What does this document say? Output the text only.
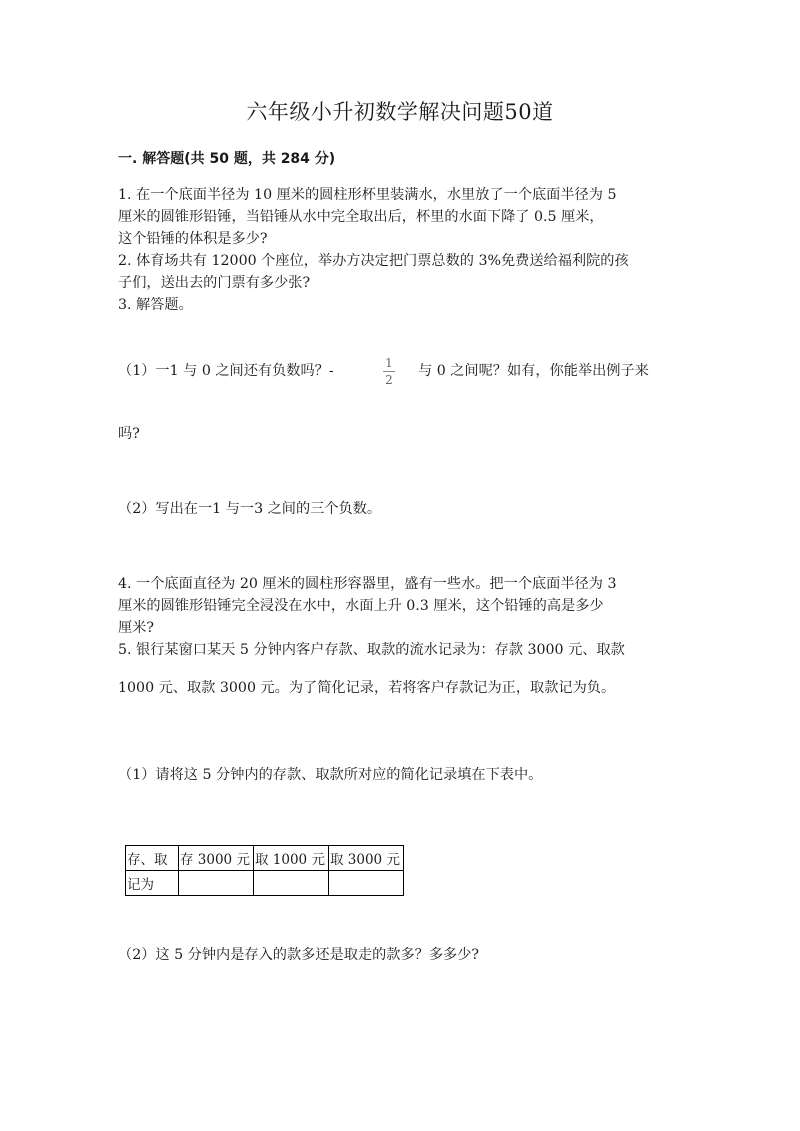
六年级小升初数学解决问题50道
一. 解答题(共 50 题，共 284 分)
1. 在一个底面半径为 10 厘米的圆柱形杯里装满水，水里放了一个底面半径为 5
厘米的圆锥形铅锤，当铅锤从水中完全取出后，杯里的水面下降了 0.5 厘米，
这个铅锤的体积是多少?
2. 体育场共有 12000 个座位，举办方决定把门票总数的 3%免费送给福利院的孩
子们，送出去的门票有多少张?
3. 解答题。
（1）一1 与 0 之间还有负数吗？-	1
2
与 0 之间呢？如有，你能举出例子来
吗?
（2）写出在一1 与一3 之间的三个负数。
4. 一个底面直径为 20 厘米的圆柱形容器里，盛有一些水。把一个底面半径为 3
厘米的圆锥形铅锤完全浸没在水中，水面上升 0.3 厘米，这个铅锤的高是多少
厘米?
5. 银行某窗口某天 5 分钟内客户存款、取款的流水记录为：存款 3000 元、取款
1000 元、取款 3000 元。为了简化记录，若将客户存款记为正，取款记为负。
（1）请将这 5 分钟内的存款、取款所对应的简化记录填在下表中。
存、取	存 3000 元	取 1000 元	取 3000 元
记为			
（2）这 5 分钟内是存入的款多还是取走的款多？多多少?
